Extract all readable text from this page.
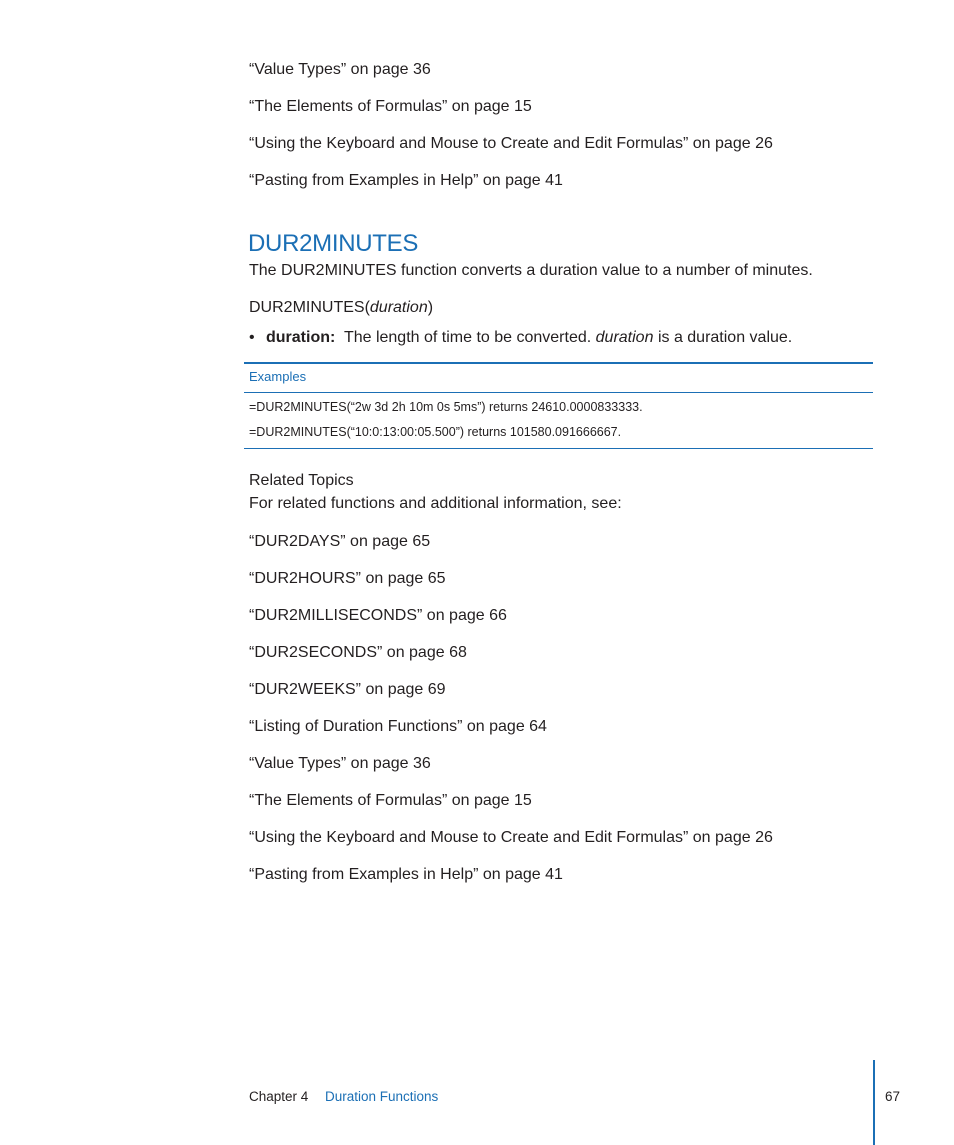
“Value Types” on page 36
“The Elements of Formulas” on page 15
“Using the Keyboard and Mouse to Create and Edit Formulas” on page 26
“Pasting from Examples in Help” on page 41
DUR2MINUTES
The DUR2MINUTES function converts a duration value to a number of minutes.
DUR2MINUTES(duration)
• duration: The length of time to be converted. duration is a duration value.
Examples
=DUR2MINUTES(“2w 3d 2h 10m 0s 5ms”) returns 24610.0000833333.
=DUR2MINUTES(“10:0:13:00:05.500”) returns 101580.091666667.
Related Topics
For related functions and additional information, see:
“DUR2DAYS” on page 65
“DUR2HOURS” on page 65
“DUR2MILLISECONDS” on page 66
“DUR2SECONDS” on page 68
“DUR2WEEKS” on page 69
“Listing of Duration Functions” on page 64
“Value Types” on page 36
“The Elements of Formulas” on page 15
“Using the Keyboard and Mouse to Create and Edit Formulas” on page 26
“Pasting from Examples in Help” on page 41
Chapter 4 Duration Functions	67
